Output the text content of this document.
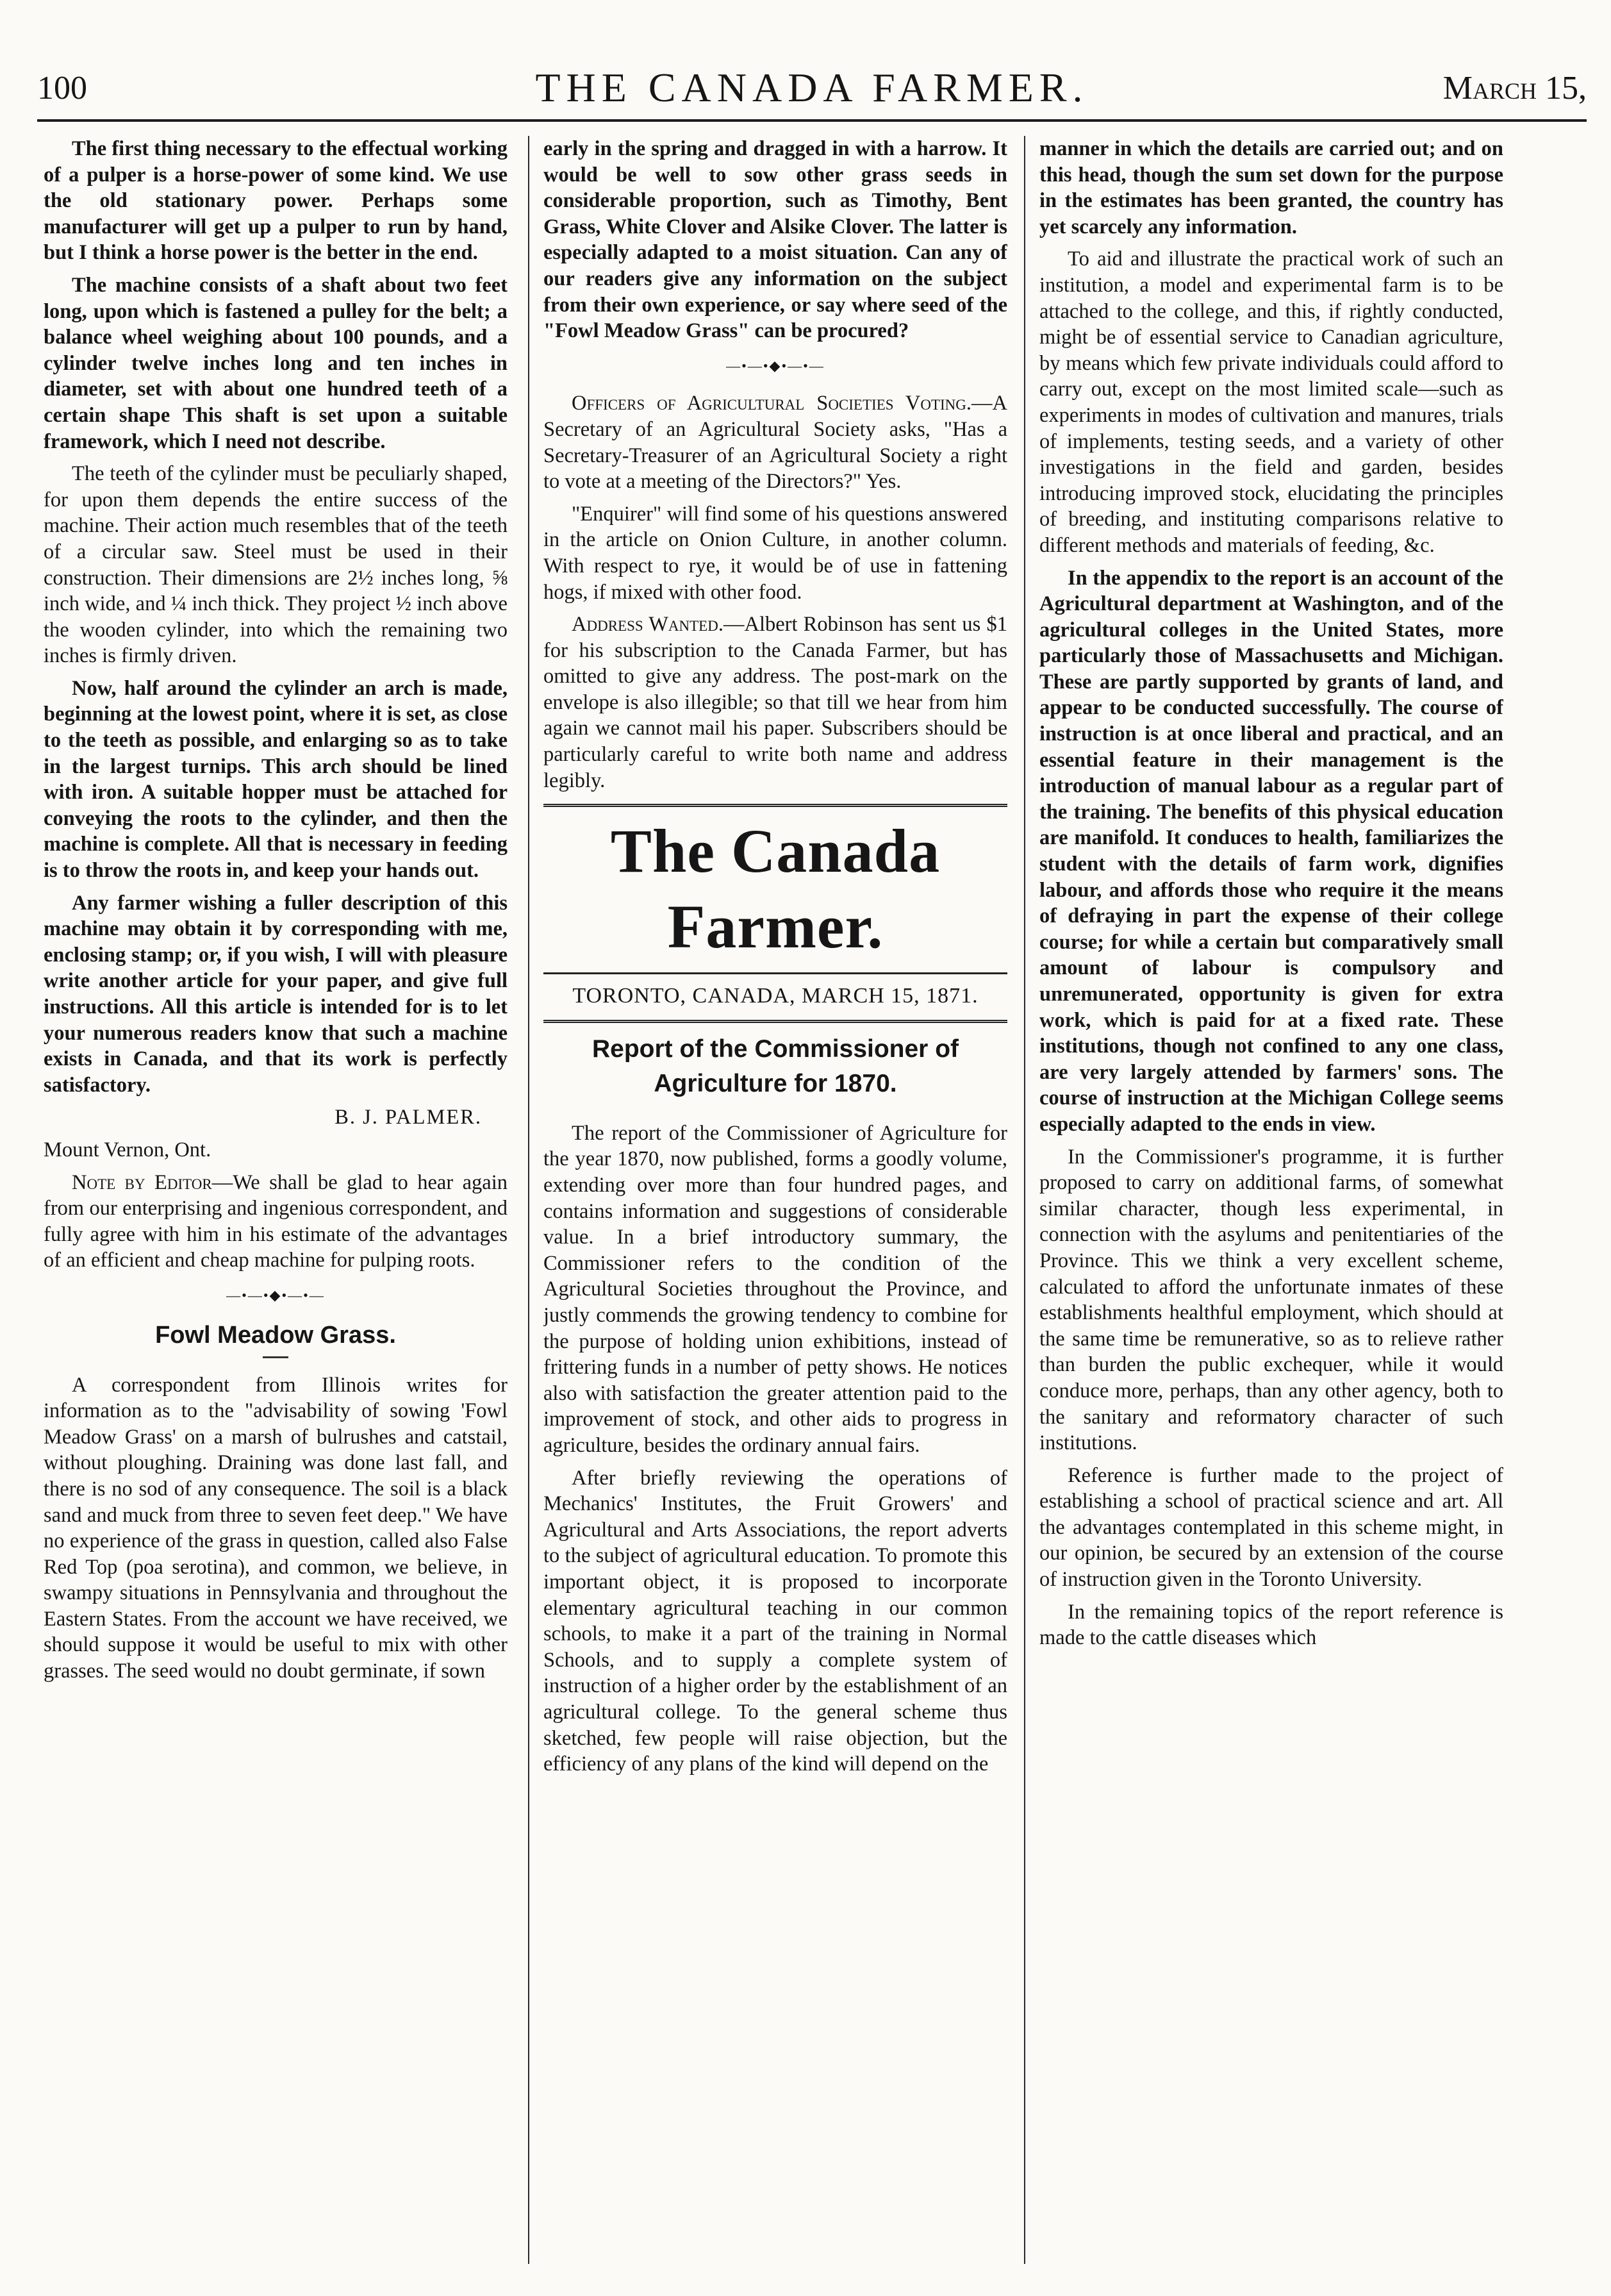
100	THE CANADA FARMER.	March 15,

The first thing necessary to the effectual working of a pulper is a horse-power of some kind. We use the old stationary power. Perhaps some manufacturer will get up a pulper to run by hand, but I think a horse power is the better in the end.

The machine consists of a shaft about two feet long, upon which is fastened a pulley for the belt; a balance wheel weighing about 100 pounds, and a cylinder twelve inches long and ten inches in diameter, set with about one hundred teeth of a certain shape This shaft is set upon a suitable framework, which I need not describe.

The teeth of the cylinder must be peculiarly shaped, for upon them depends the entire success of the machine. Their action much resembles that of the teeth of a circular saw. Steel must be used in their construction. Their dimensions are 2½ inches long, ⅝ inch wide, and ¼ inch thick. They project ½ inch above the wooden cylinder, into which the remaining two inches is firmly driven.

Now, half around the cylinder an arch is made, beginning at the lowest point, where it is set, as close to the teeth as possible, and enlarging so as to take in the largest turnips. This arch should be lined with iron. A suitable hopper must be attached for conveying the roots to the cylinder, and then the machine is complete. All that is necessary in feeding is to throw the roots in, and keep your hands out.

Any farmer wishing a fuller description of this machine may obtain it by corresponding with me, enclosing stamp; or, if you wish, I will with pleasure write another article for your paper, and give full instructions. All this article is intended for is to let your numerous readers know that such a machine exists in Canada, and that its work is perfectly satisfactory.

B. J. PALMER.

Mount Vernon, Ont.

Note by Editor—We shall be glad to hear again from our enterprising and ingenious correspondent, and fully agree with him in his estimate of the advantages of an efficient and cheap machine for pulping roots.

—•—•◆•—•—
Fowl Meadow Grass.

A correspondent from Illinois writes for information as to the "advisability of sowing 'Fowl Meadow Grass' on a marsh of bulrushes and catstail, without ploughing. Draining was done last fall, and there is no sod of any consequence. The soil is a black sand and muck from three to seven feet deep." We have no experience of the grass in question, called also False Red Top (poa serotina), and common, we believe, in swampy situations in Pennsylvania and throughout the Eastern States. From the account we have received, we should suppose it would be useful to mix with other grasses. The seed would no doubt germinate, if sown

early in the spring and dragged in with a harrow. It would be well to sow other grass seeds in considerable proportion, such as Timothy, Bent Grass, White Clover and Alsike Clover. The latter is especially adapted to a moist situation. Can any of our readers give any information on the subject from their own experience, or say where seed of the "Fowl Meadow Grass" can be procured?

—•—•◆•—•—

Officers of Agricultural Societies Voting.—A Secretary of an Agricultural Society asks, "Has a Secretary-Treasurer of an Agricultural Society a right to vote at a meeting of the Directors?" Yes.

"Enquirer" will find some of his questions answered in the article on Onion Culture, in another column. With respect to rye, it would be of use in fattening hogs, if mixed with other food.

Address Wanted.—Albert Robinson has sent us $1 for his subscription to the Canada Farmer, but has omitted to give any address. The post-mark on the envelope is also illegible; so that till we hear from him again we cannot mail his paper. Subscribers should be particularly careful to write both name and address legibly.

The Canada Farmer.
TORONTO, CANADA, MARCH 15, 1871.
Report of the Commissioner of Agriculture for 1870.

The report of the Commissioner of Agriculture for the year 1870, now published, forms a goodly volume, extending over more than four hundred pages, and contains information and suggestions of considerable value. In a brief introductory summary, the Commissioner refers to the condition of the Agricultural Societies throughout the Province, and justly commends the growing tendency to combine for the purpose of holding union exhibitions, instead of frittering funds in a number of petty shows. He notices also with satisfaction the greater attention paid to the improvement of stock, and other aids to progress in agriculture, besides the ordinary annual fairs.

After briefly reviewing the operations of Mechanics' Institutes, the Fruit Growers' and Agricultural and Arts Associations, the report adverts to the subject of agricultural education. To promote this important object, it is proposed to incorporate elementary agricultural teaching in our common schools, to make it a part of the training in Normal Schools, and to supply a complete system of instruction of a higher order by the establishment of an agricultural college. To the general scheme thus sketched, few people will raise objection, but the efficiency of any plans of the kind will depend on the

manner in which the details are carried out; and on this head, though the sum set down for the purpose in the estimates has been granted, the country has yet scarcely any information.

To aid and illustrate the practical work of such an institution, a model and experimental farm is to be attached to the college, and this, if rightly conducted, might be of essential service to Canadian agriculture, by means which few private individuals could afford to carry out, except on the most limited scale—such as experiments in modes of cultivation and manures, trials of implements, testing seeds, and a variety of other investigations in the field and garden, besides introducing improved stock, elucidating the principles of breeding, and instituting comparisons relative to different methods and materials of feeding, &c.

In the appendix to the report is an account of the Agricultural department at Washington, and of the agricultural colleges in the United States, more particularly those of Massachusetts and Michigan. These are partly supported by grants of land, and appear to be conducted successfully. The course of instruction is at once liberal and practical, and an essential feature in their management is the introduction of manual labour as a regular part of the training. The benefits of this physical education are manifold. It conduces to health, familiarizes the student with the details of farm work, dignifies labour, and affords those who require it the means of defraying in part the expense of their college course; for while a certain but comparatively small amount of labour is compulsory and unremunerated, opportunity is given for extra work, which is paid for at a fixed rate. These institutions, though not confined to any one class, are very largely attended by farmers' sons. The course of instruction at the Michigan College seems especially adapted to the ends in view.

In the Commissioner's programme, it is further proposed to carry on additional farms, of somewhat similar character, though less experimental, in connection with the asylums and penitentiaries of the Province. This we think a very excellent scheme, calculated to afford the unfortunate inmates of these establishments healthful employment, which should at the same time be remunerative, so as to relieve rather than burden the public exchequer, while it would conduce more, perhaps, than any other agency, both to the sanitary and reformatory character of such institutions.

Reference is further made to the project of establishing a school of practical science and art. All the advantages contemplated in this scheme might, in our opinion, be secured by an extension of the course of instruction given in the Toronto University.

In the remaining topics of the report reference is made to the cattle diseases which
